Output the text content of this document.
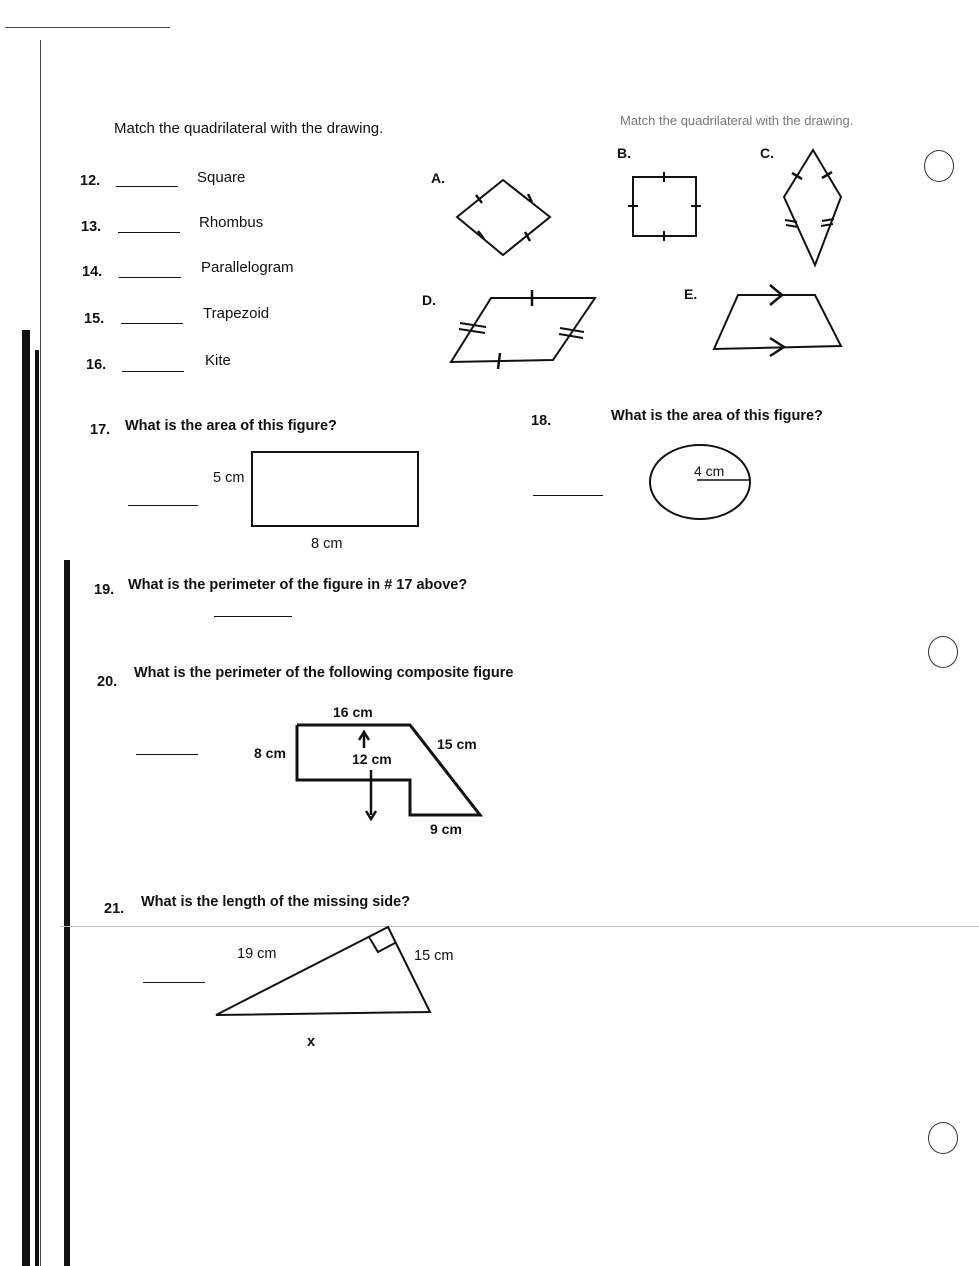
Match the quadrilateral with the drawing.	Match the quadrilateral with the drawing.
12.	Square
13.	Rhombus
14.	Parallelogram
15.	Trapezoid
16.	Kite
A.
B.	C.
D.	E.
17. What is the area of this figure?
5 cm
8 cm
18.	What is the area of this figure?
4 cm
19. What is the perimeter of the figure in # 17 above?
20.
What is the perimeter of the following composite figure
16 cm
8 cm
15 cm
12 cm
9 cm
21. What is the length of the missing side?
19 cm	15 cm
x
